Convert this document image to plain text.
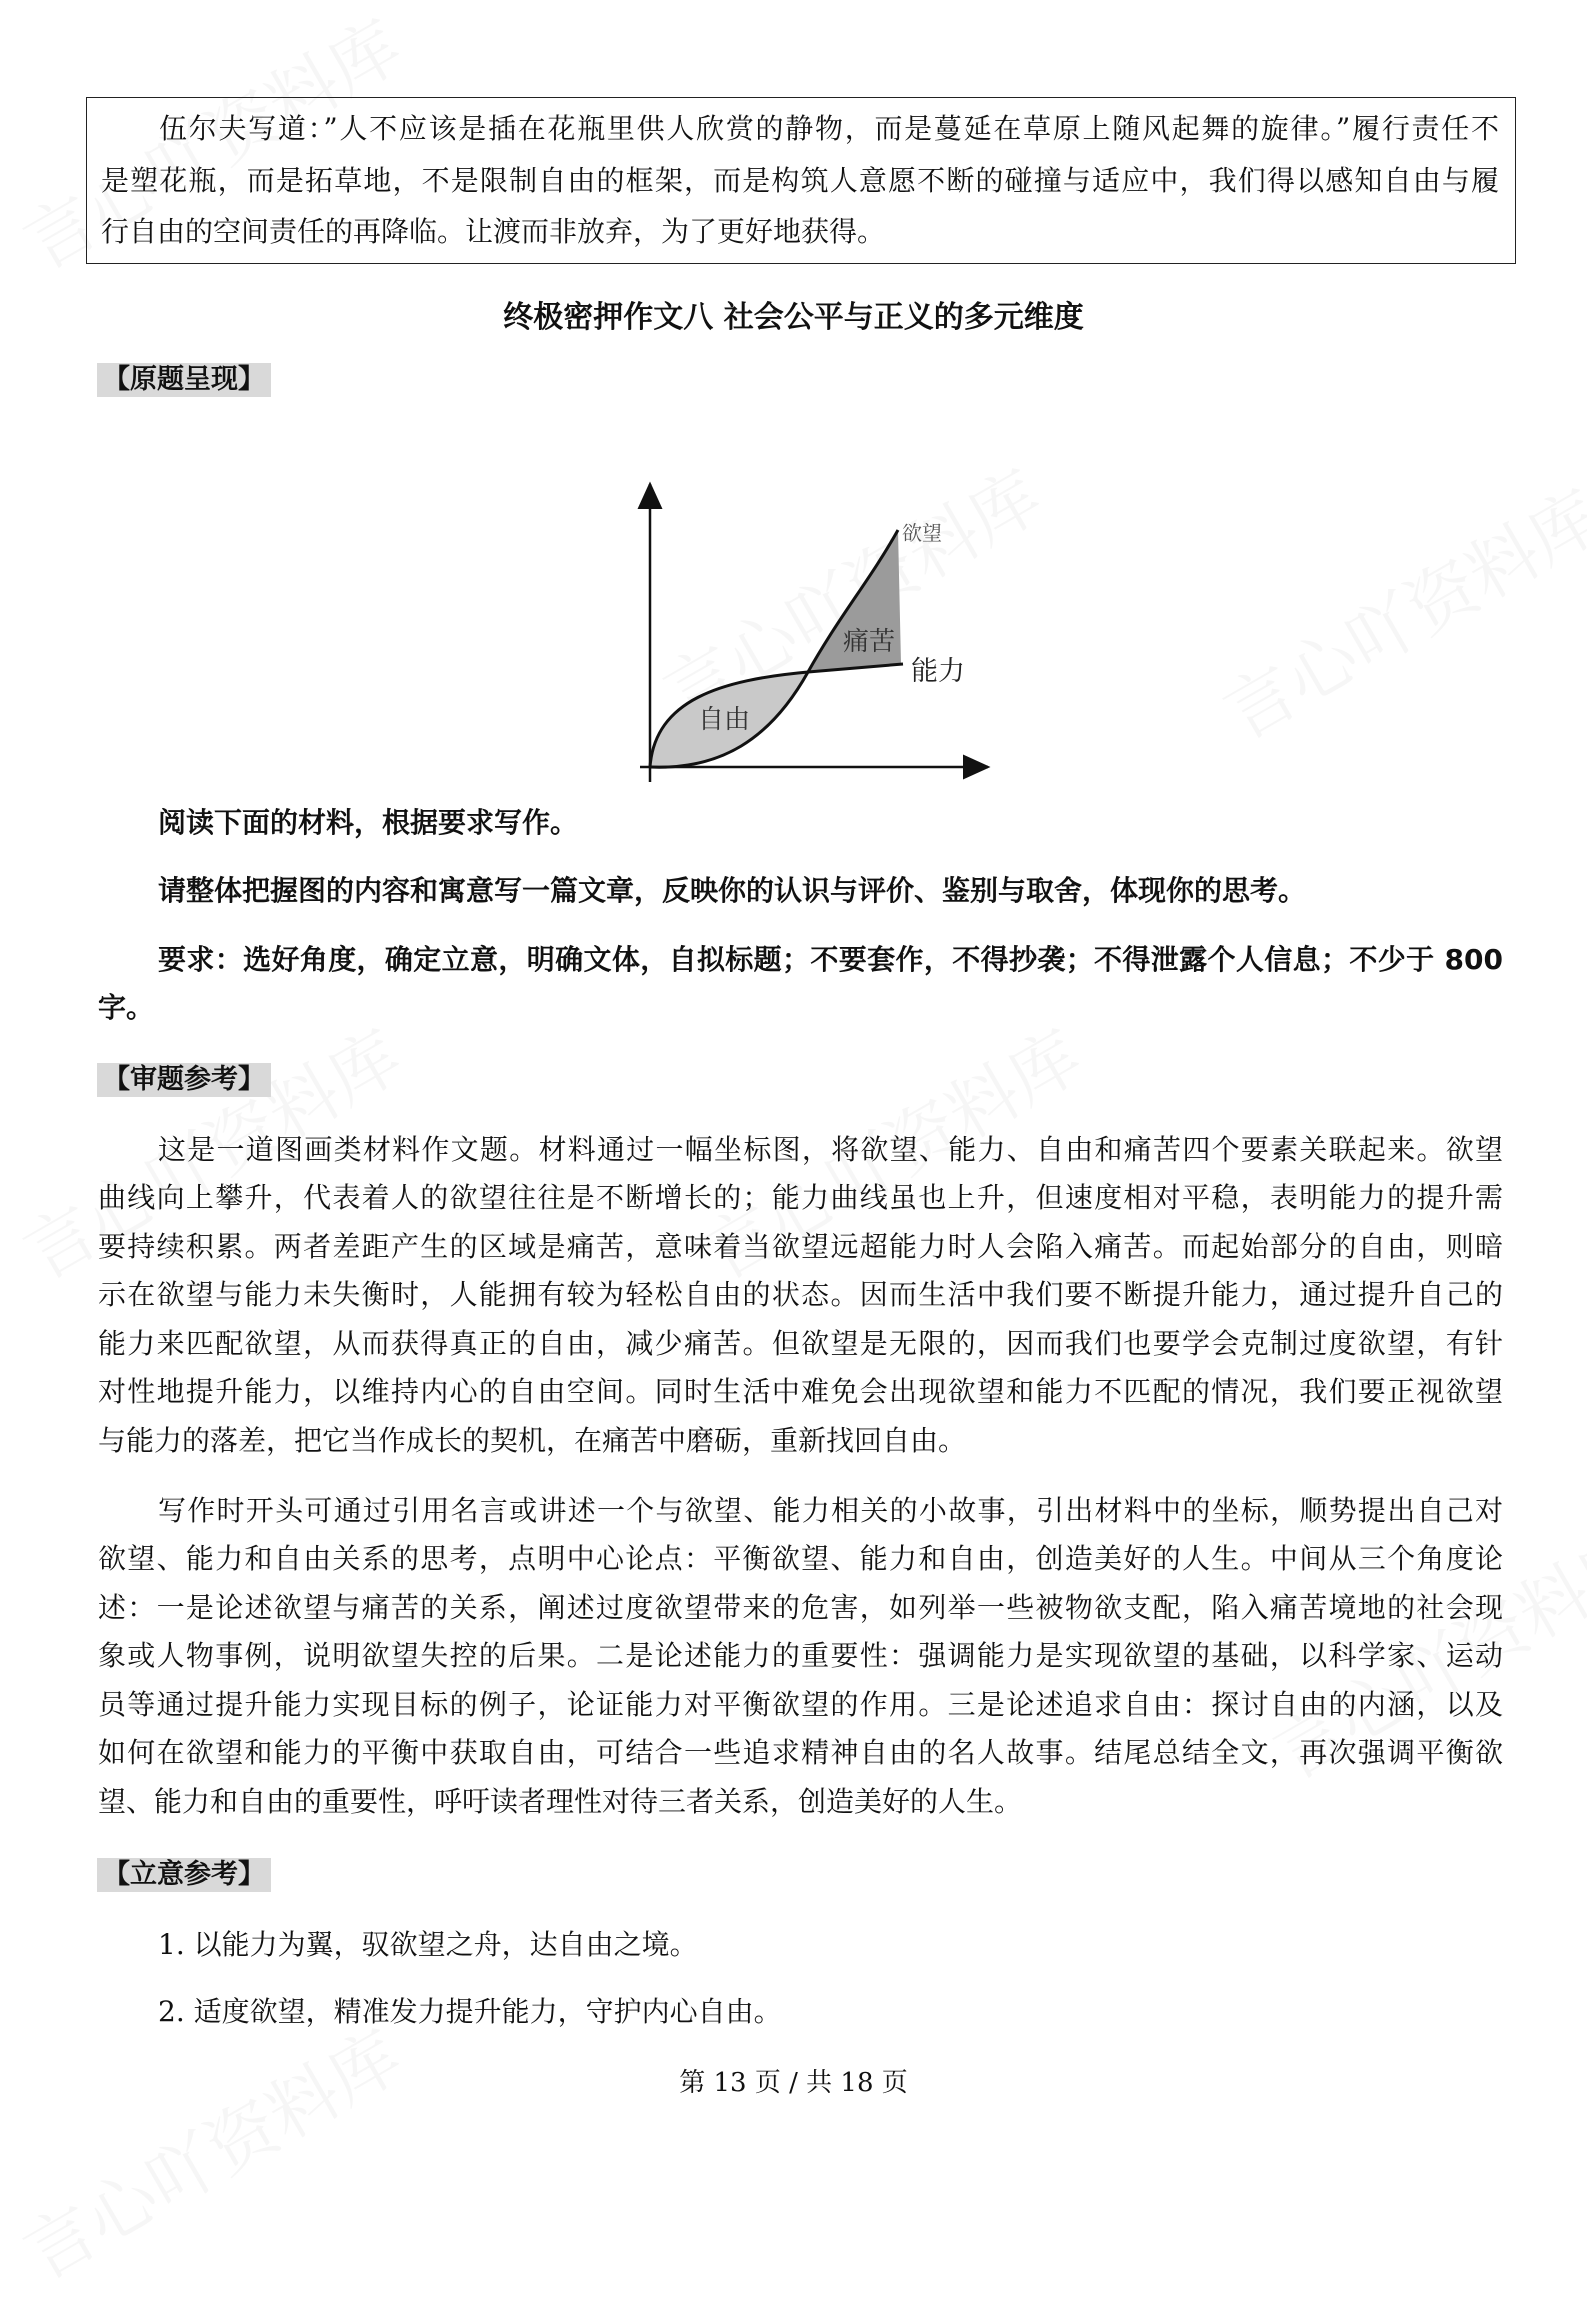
伍尔夫写道：”人不应该是插在花瓶里供人欣赏的静物，而是蔓延在草原上随风起舞的旋律。”履行责任不
是塑花瓶，而是拓草地，不是限制自由的框架，而是构筑人意愿不断的碰撞与适应中，我们得以感知自由与履
行自由的空间责任的再降临。让渡而非放弃，为了更好地获得。
终极密押作文八 社会公平与正义的多元维度
【原题呈现】
自由
痛苦
能力
欲望
阅读下面的材料，根据要求写作。
请整体把握图的内容和寓意写一篇文章，反映你的认识与评价、鉴别与取舍，体现你的思考。
要求：选好角度，确定立意，明确文体，自拟标题；不要套作，不得抄袭；不得泄露个人信息；不少于 800
字。
【审题参考】
这是一道图画类材料作文题。材料通过一幅坐标图，将欲望、能力、自由和痛苦四个要素关联起来。欲望
曲线向上攀升，代表着人的欲望往往是不断增长的；能力曲线虽也上升，但速度相对平稳，表明能力的提升需
要持续积累。两者差距产生的区域是痛苦，意味着当欲望远超能力时人会陷入痛苦。而起始部分的自由，则暗
示在欲望与能力未失衡时，人能拥有较为轻松自由的状态。因而生活中我们要不断提升能力，通过提升自己的
能力来匹配欲望，从而获得真正的自由，减少痛苦。但欲望是无限的，因而我们也要学会克制过度欲望，有针
对性地提升能力，以维持内心的自由空间。同时生活中难免会出现欲望和能力不匹配的情况，我们要正视欲望
与能力的落差，把它当作成长的契机，在痛苦中磨砺，重新找回自由。
写作时开头可通过引用名言或讲述一个与欲望、能力相关的小故事，引出材料中的坐标，顺势提出自己对
欲望、能力和自由关系的思考，点明中心论点：平衡欲望、能力和自由，创造美好的人生。中间从三个角度论
述：一是论述欲望与痛苦的关系，阐述过度欲望带来的危害，如列举一些被物欲支配，陷入痛苦境地的社会现
象或人物事例，说明欲望失控的后果。二是论述能力的重要性：强调能力是实现欲望的基础，以科学家、运动
员等通过提升能力实现目标的例子，论证能力对平衡欲望的作用。三是论述追求自由：探讨自由的内涵，以及
如何在欲望和能力的平衡中获取自由，可结合一些追求精神自由的名人故事。结尾总结全文，再次强调平衡欲
望、能力和自由的重要性，呼吁读者理性对待三者关系，创造美好的人生。
【立意参考】
1. 以能力为翼，驭欲望之舟，达自由之境。
2. 适度欲望，精准发力提升能力，守护内心自由。
第 13 页 / 共 18 页
